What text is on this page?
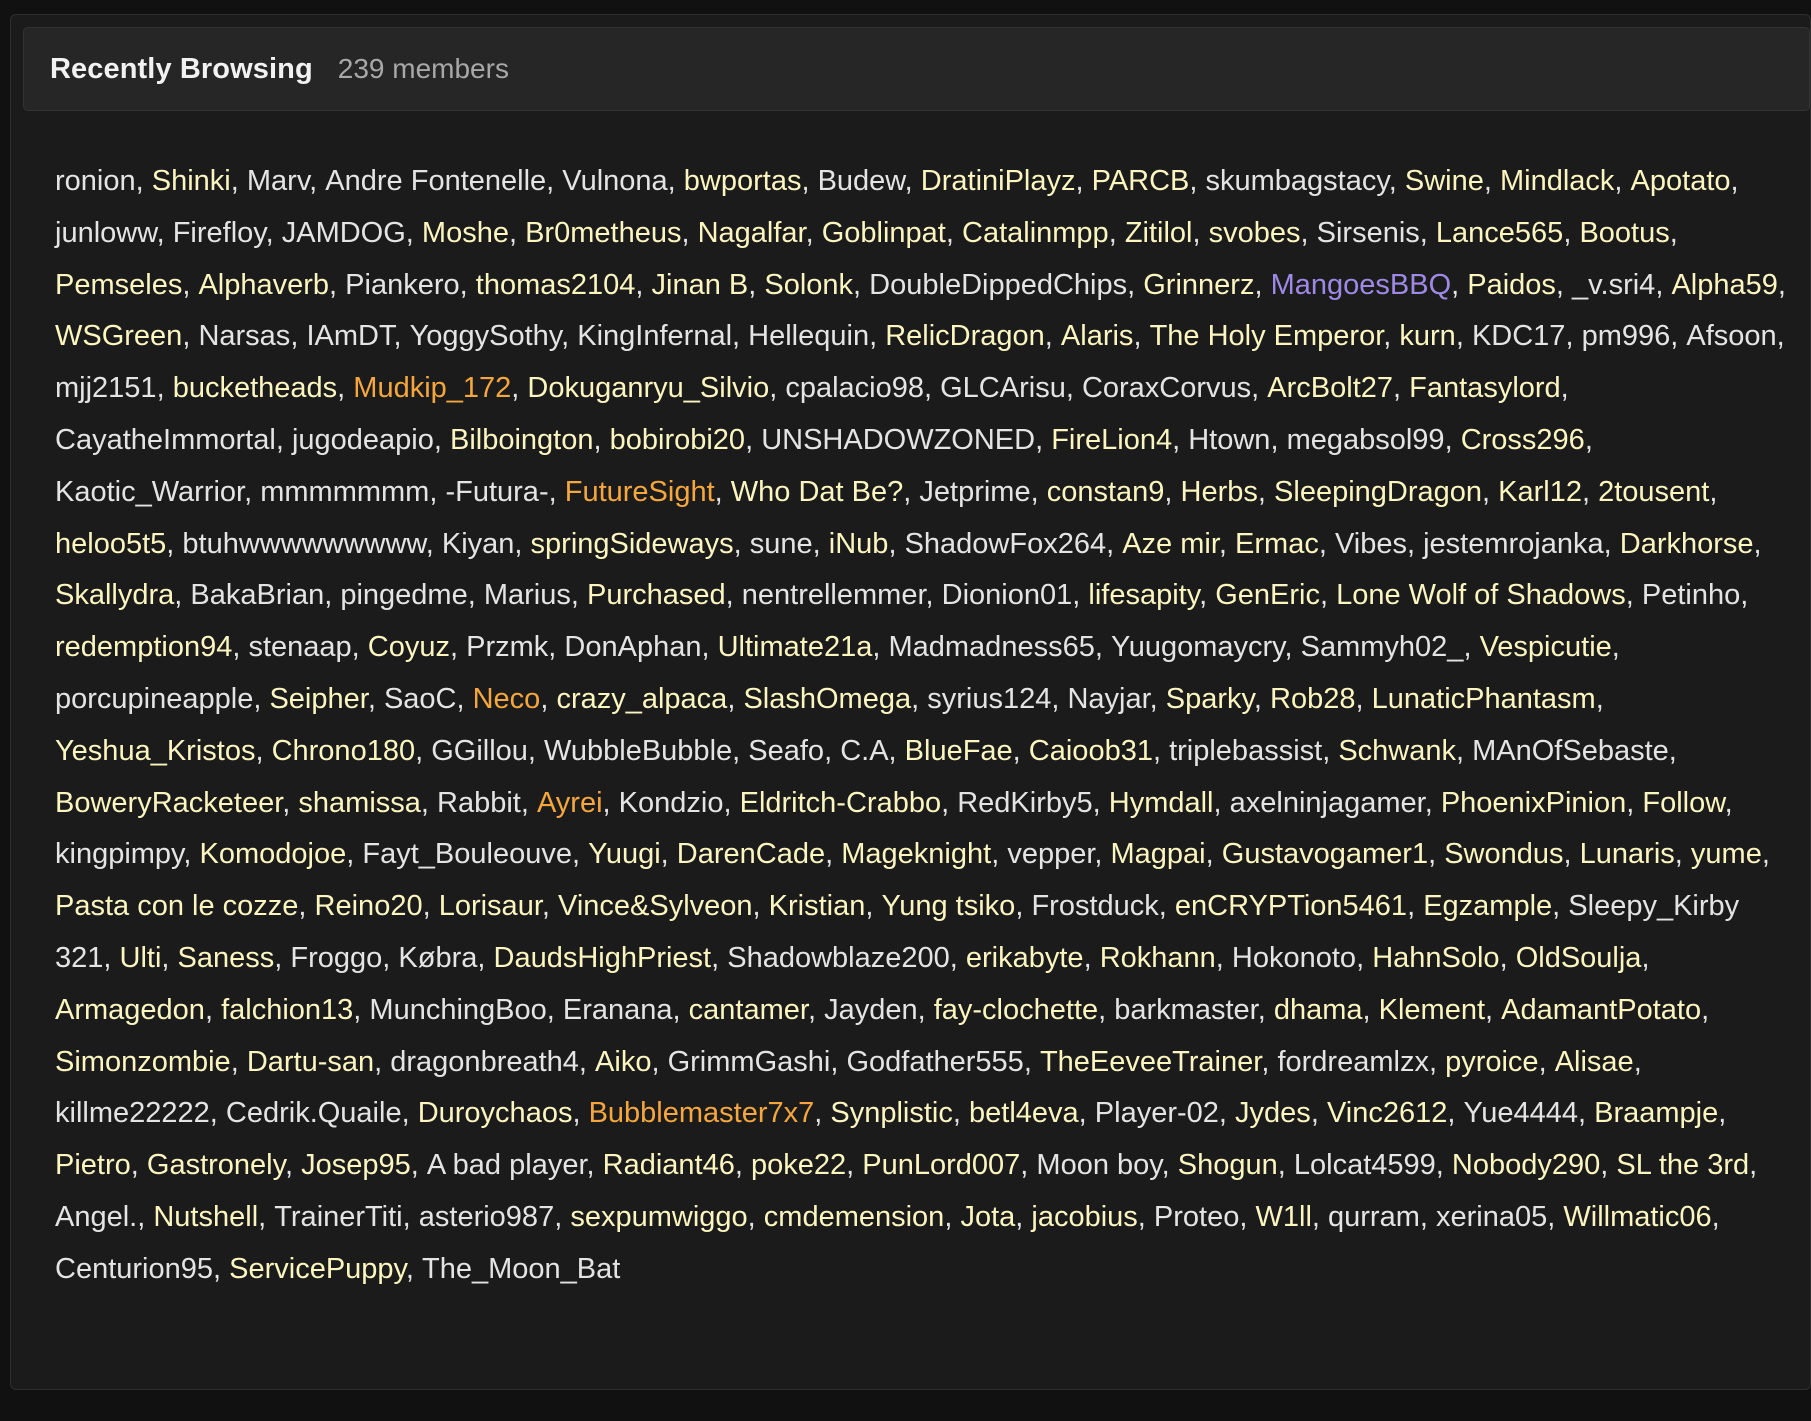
Recently Browsing 239 members
ronion, Shinki, Marv, Andre Fontenelle, Vulnona, bwportas, Budew, DratiniPlayz, PARCB, skumbagstacy, Swine, Mindlack, Apotato, junloww, Firefloy, JAMDOG, Moshe, Br0metheus, Nagalfar, Goblinpat, Catalinmpp, Zitilol, svobes, Sirsenis, Lance565, Bootus, Pemseles, Alphaverb, Piankero, thomas2104, Jinan B, Solonk, DoubleDippedChips, Grinnerz, MangoesBBQ, Paidos, _v.sri4, Alpha59, WSGreen, Narsas, IAmDT, YoggySothy, KingInfernal, Hellequin, RelicDragon, Alaris, The Holy Emperor, kurn, KDC17, pm996, Afsoon, mjj2151, bucketheads, Mudkip_172, Dokuganryu_Silvio, cpalacio98, GLCArisu, CoraxCorvus, ArcBolt27, Fantasylord, CayatheImmortal, jugodeapio, Bilboington, bobirobi20, UNSHADOWZONED, FireLion4, Htown, megabsol99, Cross296, Kaotic_Warrior, mmmmmmm, -Futura-, FutureSight, Who Dat Be?, Jetprime, constan9, Herbs, SleepingDragon, Karl12, 2tousent, heloo5t5, btuhwwwwwwwww, Kiyan, springSideways, sune, iNub, ShadowFox264, Aze mir, Ermac, Vibes, jestemrojanka, Darkhorse, Skallydra, BakaBrian, pingedme, Marius, Purchased, nentrellemmer, Dionion01, lifesapity, GenEric, Lone Wolf of Shadows, Petinho, redemption94, stenaap, Coyuz, Przmk, DonAphan, Ultimate21a, Madmadness65, Yuugomaycry, Sammyh02_, Vespicutie, porcupineapple, Seipher, SaoC, Neco, crazy_alpaca, SlashOmega, syrius124, Nayjar, Sparky, Rob28, LunaticPhantasm, Yeshua_Kristos, Chrono180, GGillou, WubbleBubble, Seafo, C.A, BlueFae, Caioob31, triplebassist, Schwank, MAnOfSebaste, BoweryRacketeer, shamissa, Rabbit, Ayrei, Kondzio, Eldritch-Crabbo, RedKirby5, Hymdall, axelninjagamer, PhoenixPinion, Follow, kingpimpy, Komodojoe, Fayt_Bouleouve, Yuugi, DarenCade, Mageknight, vepper, Magpai, Gustavogamer1, Swondus, Lunaris, yume, Pasta con le cozze, Reino20, Lorisaur, Vince&Sylveon, Kristian, Yung tsiko, Frostduck, enCRYPTion5461, Egzample, Sleepy_Kirby 321, Ulti, Saness, Froggo, Købra, DaudsHighPriest, Shadowblaze200, erikabyte, Rokhann, Hokonoto, HahnSolo, OldSoulja, Armagedon, falchion13, MunchingBoo, Eranana, cantamer, Jayden, fay-clochette, barkmaster, dhama, Klement, AdamantPotato, Simonzombie, Dartu-san, dragonbreath4, Aiko, GrimmGashi, Godfather555, TheEeveeTrainer, fordreamlzx, pyroice, Alisae, killme22222, Cedrik.Quaile, Duroychaos, Bubblemaster7x7, Synplistic, betl4eva, Player-02, Jydes, Vinc2612, Yue4444, Braampje, Pietro, Gastronely, Josep95, A bad player, Radiant46, poke22, PunLord007, Moon boy, Shogun, Lolcat4599, Nobody290, SL the 3rd, Angel., Nutshell, TrainerTiti, asterio987, sexpumwiggo, cmdemension, Jota, jacobius, Proteo, W1ll, qurram, xerina05, Willmatic06, Centurion95, ServicePuppy, The_Moon_Bat
